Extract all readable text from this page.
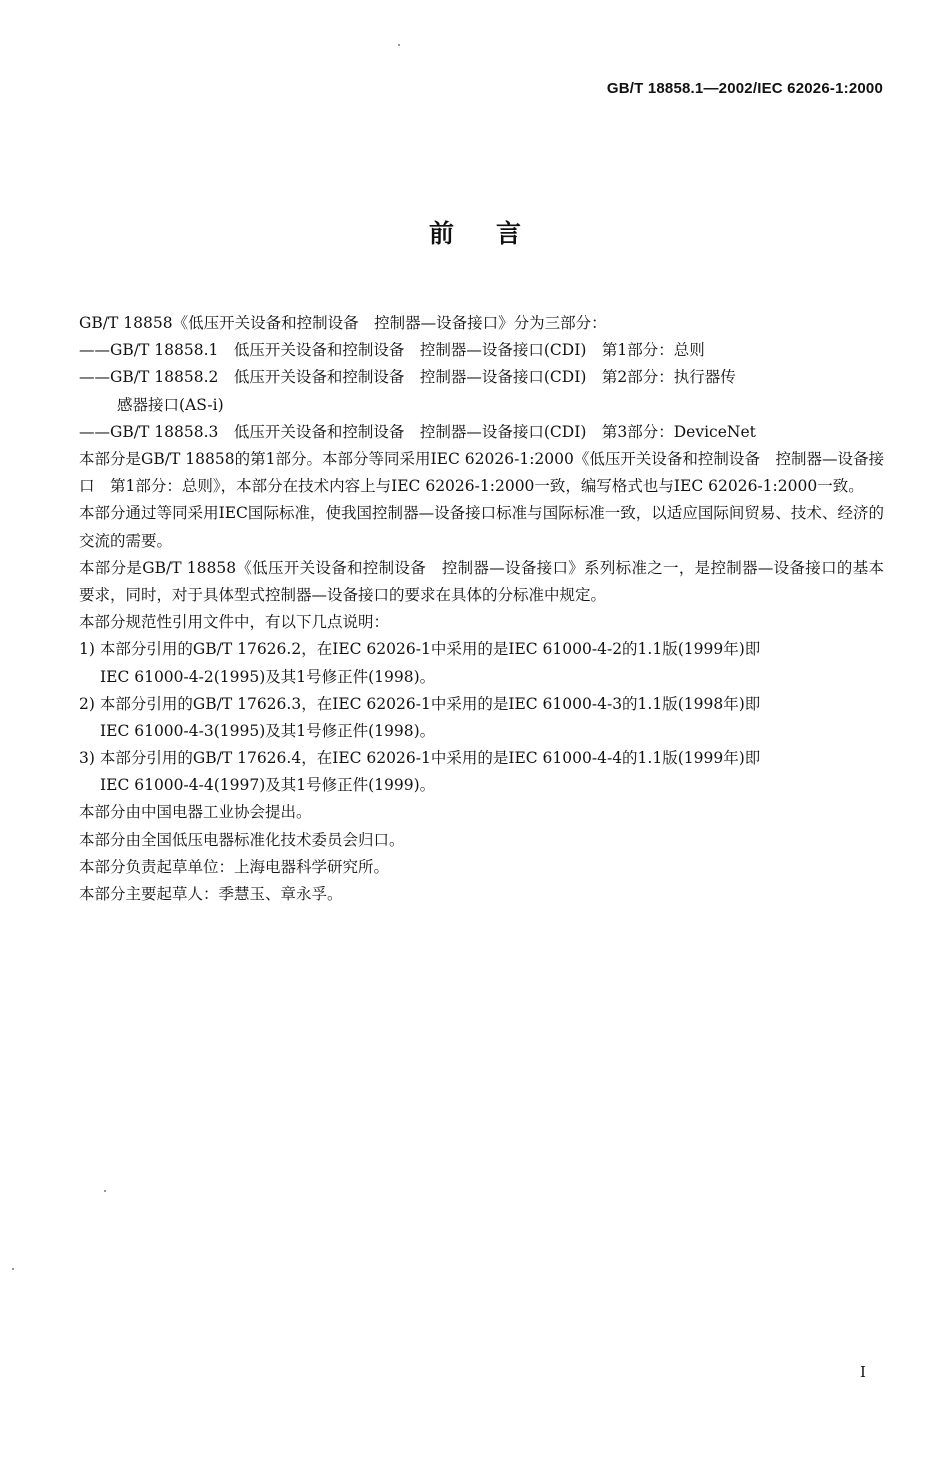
GB/T 18858.1—2002/IEC 62026-1:2000
前言
GB/T 18858《低压开关设备和控制设备　控制器—设备接口》分为三部分：
——GB/T 18858.1　低压开关设备和控制设备　控制器—设备接口(CDI)　第1部分：总则
——GB/T 18858.2　低压开关设备和控制设备　控制器—设备接口(CDI)　第2部分：执行器传
感器接口(AS-i)
——GB/T 18858.3　低压开关设备和控制设备　控制器—设备接口(CDI)　第3部分：DeviceNet
本部分是GB/T 18858的第1部分。本部分等同采用IEC 62026-1:2000《低压开关设备和控制设备　控制器—设备接口　第1部分：总则》，本部分在技术内容上与IEC 62026-1:2000一致，编写格式也与IEC 62026-1:2000一致。
本部分通过等同采用IEC国际标准，使我国控制器—设备接口标准与国际标准一致，以适应国际间贸易、技术、经济的交流的需要。
本部分是GB/T 18858《低压开关设备和控制设备　控制器—设备接口》系列标准之一，是控制器—设备接口的基本要求，同时，对于具体型式控制器—设备接口的要求在具体的分标准中规定。
本部分规范性引用文件中，有以下几点说明：
1) 本部分引用的GB/T 17626.2，在IEC 62026-1中采用的是IEC 61000-4-2的1.1版(1999年)即
IEC 61000-4-2(1995)及其1号修正件(1998)。
2) 本部分引用的GB/T 17626.3，在IEC 62026-1中采用的是IEC 61000-4-3的1.1版(1998年)即
IEC 61000-4-3(1995)及其1号修正件(1998)。
3) 本部分引用的GB/T 17626.4，在IEC 62026-1中采用的是IEC 61000-4-4的1.1版(1999年)即
IEC 61000-4-4(1997)及其1号修正件(1999)。
本部分由中国电器工业协会提出。
本部分由全国低压电器标准化技术委员会归口。
本部分负责起草单位：上海电器科学研究所。
本部分主要起草人：季慧玉、章永孚。
I
